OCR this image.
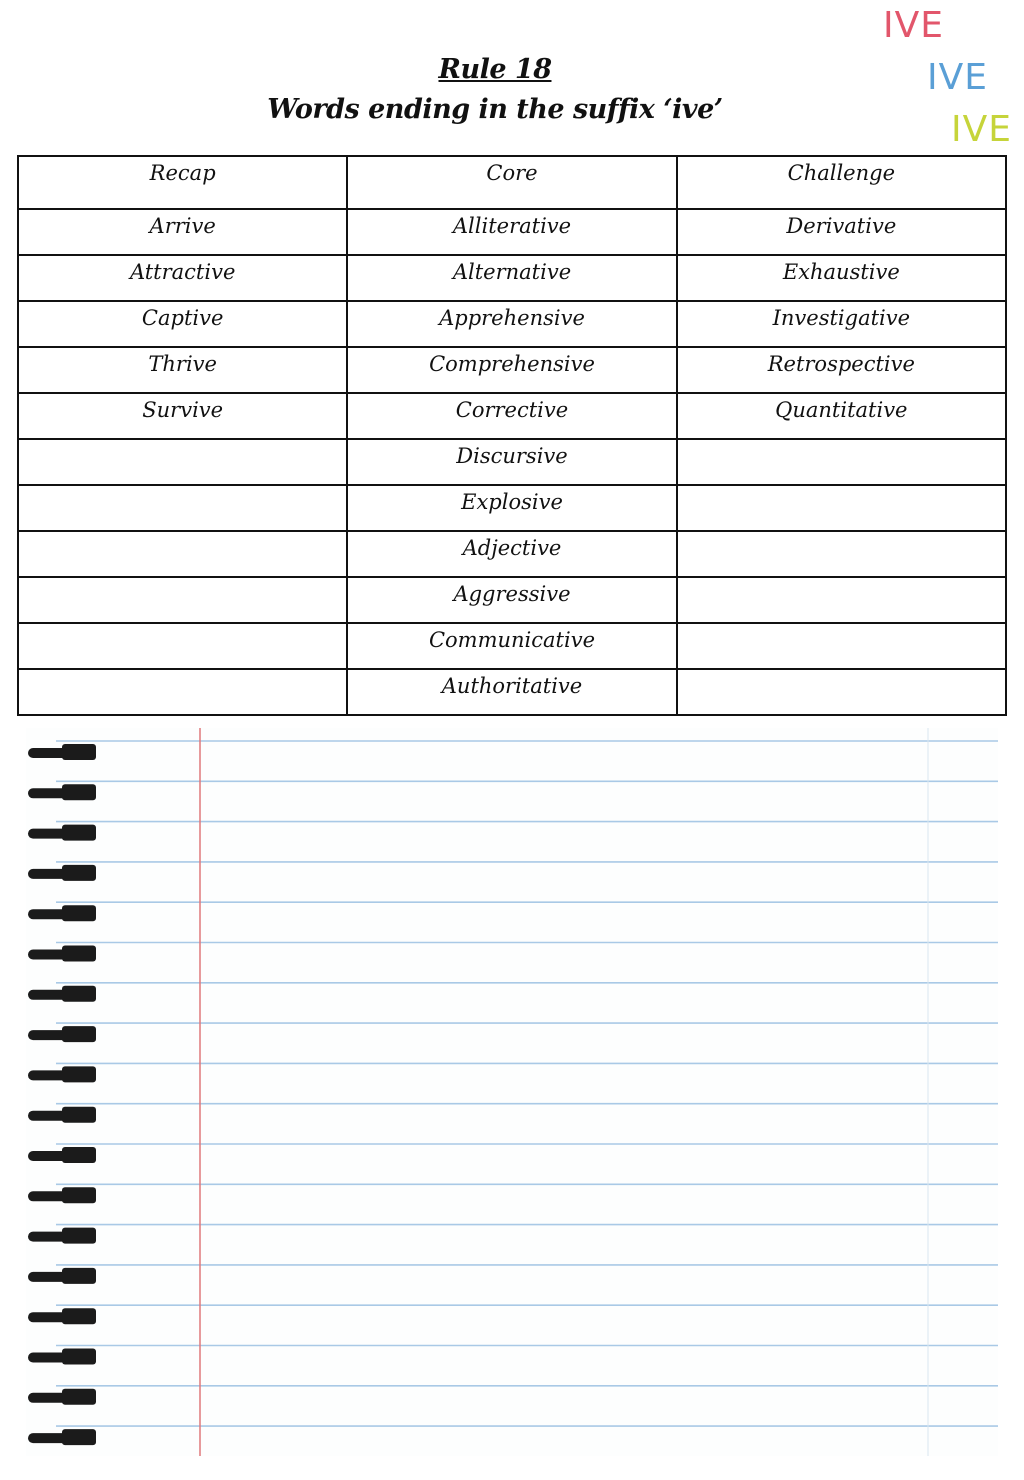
Rule 18
Words ending in the suffix ‘ive’
IVE
IVE
IVE
Recap	Core	Challenge
Arrive	Alliterative	Derivative
Attractive	Alternative	Exhaustive
Captive	Apprehensive	Investigative
Thrive	Comprehensive	Retrospective
Survive	Corrective	Quantitative
	Discursive	
	Explosive	
	Adjective	
	Aggressive	
	Communicative	
	Authoritative	
